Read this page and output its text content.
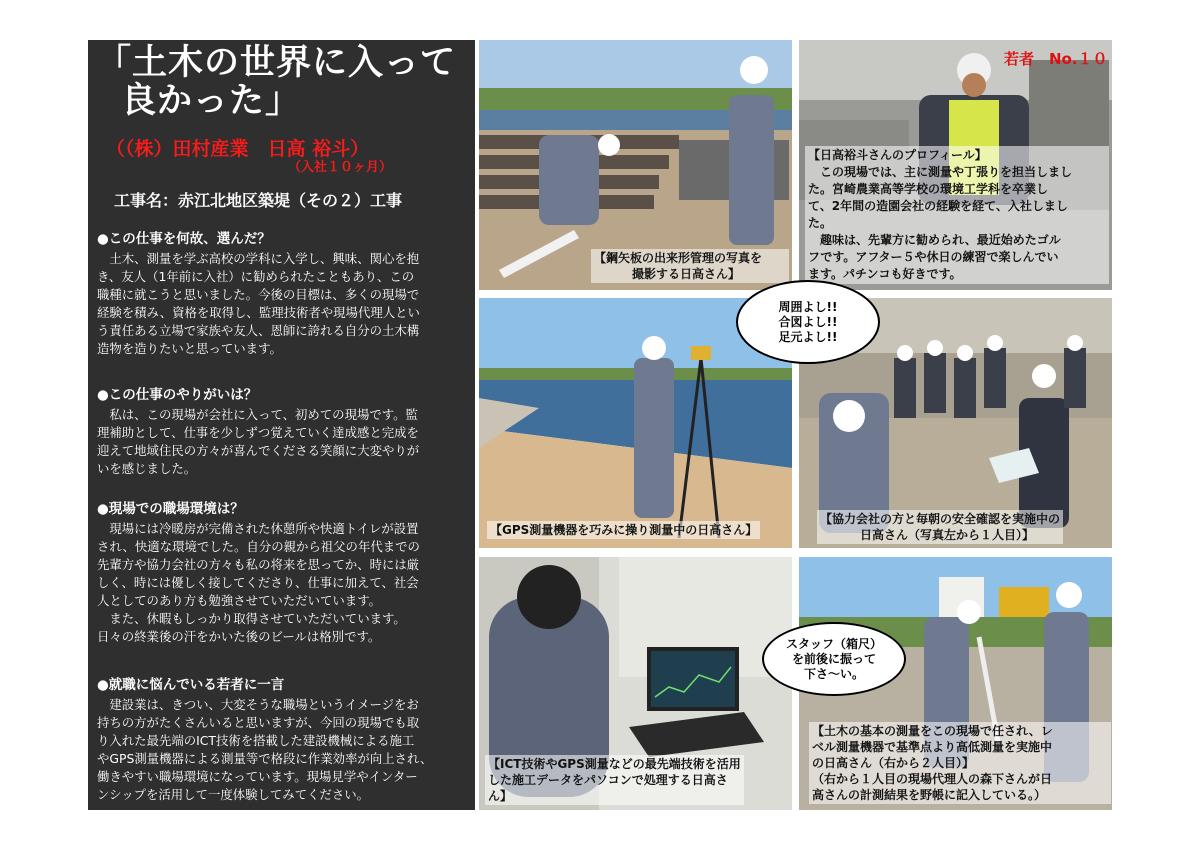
「土木の世界に入って
良かった」
（（株）田村産業　日高 裕斗）
（入社１０ヶ月）
工事名：赤江北地区築堤（その２）工事
●この仕事を何故、選んだ？

　土木、測量を学ぶ高校の学科に入学し、興味、関心を抱

き、友人（1年前に入社）に勧められたこともあり、この

職種に就こうと思いました。今後の目標は、多くの現場で

経験を積み、資格を取得し、監理技術者や現場代理人とい

う責任ある立場で家族や友人、恩師に誇れる自分の土木構

造物を造りたいと思っています。

●この仕事のやりがいは？

　私は、この現場が会社に入って、初めての現場です。監

理補助として、仕事を少しずつ覚えていく達成感と完成を

迎えて地域住民の方々が喜んでくださる笑顔に大変やりが

いを感じました。

●現場での職場環境は？

　現場には冷暖房が完備された休憩所や快適トイレが設置

され、快適な環境でした。自分の親から祖父の年代までの

先輩方や協力会社の方々も私の将来を思ってか、時には厳

しく、時には優しく接してくださり、仕事に加えて、社会

人としてのあり方も勉強させていただいています。

　また、休暇もしっかり取得させていただいています。

日々の終業後の汗をかいた後のビールは格別です。

●就職に悩んでいる若者に一言

　建設業は、きつい、大変そうな職場というイメージをお

持ちの方がたくさんいると思いますが、今回の現場でも取

り入れた最先端のICT技術を搭載した建設機械による施工

やGPS測量機器による測量等で格段に作業効率が向上され、

働きやすい職場環境になっています。現場見学やインター

ンシップを活用して一度体験してみてください。

【鋼矢板の出来形管理の写真を
撮影する日高さん】
若者　No.１０
【日高裕斗さんのプロフィール】
　この現場では、主に測量や丁張りを担当しまし
た。宮崎農業高等学校の環境工学科を卒業し
て、2年間の造園会社の経験を経て、入社しまし
た。
　趣味は、先輩方に勧められ、最近始めたゴル
フです。アフター５や休日の練習で楽しんでい
ます。パチンコも好きです。
【GPS測量機器を巧みに操り測量中の日高さん】
【協力会社の方と毎朝の安全確認を実施中の
日高さん（写真左から１人目）】
【ICT技術やGPS測量などの最先端技術を活用
した施工データをパソコンで処理する日高さ
ん】
【土木の基本の測量をこの現場で任され、レ
ベル測量機器で基準点より高低測量を実施中
の日高さん（右から２人目）】
（右から１人目の現場代理人の森下さんが日
高さんの計測結果を野帳に記入している。）
周囲よし!!
合図よし!!
足元よし!!
スタッフ（箱尺）
を前後に振って
下さ～い。
